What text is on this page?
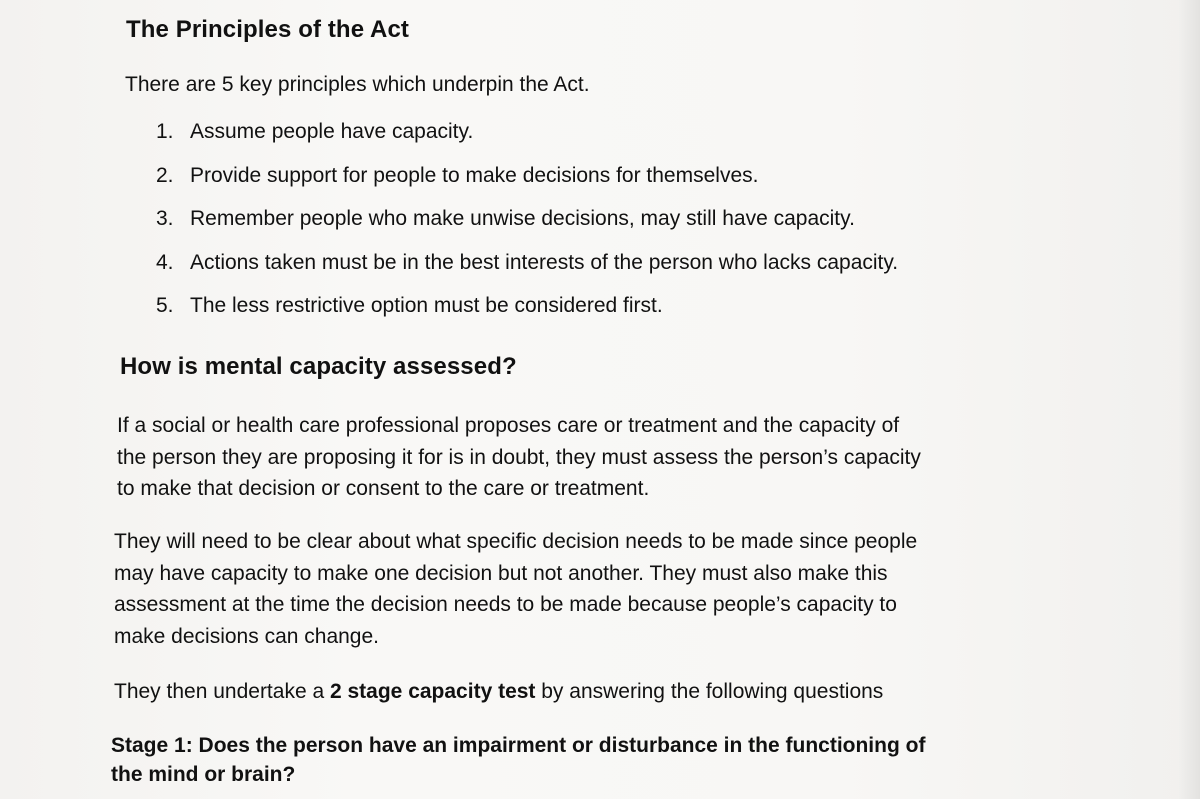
The Principles of the Act

There are 5 key principles which underpin the Act.

1. Assume people have capacity.
2. Provide support for people to make decisions for themselves.
3. Remember people who make unwise decisions, may still have capacity.
4. Actions taken must be in the best interests of the person who lacks capacity.
5. The less restrictive option must be considered first.
How is mental capacity assessed?

If a social or health care professional proposes care or treatment and the capacity of
the person they are proposing it for is in doubt, they must assess the person’s capacity
to make that decision or consent to the care or treatment.

They will need to be clear about what specific decision needs to be made since people
may have capacity to make one decision but not another. They must also make this
assessment at the time the decision needs to be made because people’s capacity to
make decisions can change.

They then undertake a 2 stage capacity test by answering the following questions

Stage 1: Does the person have an impairment or disturbance in the functioning of
the mind or brain?
